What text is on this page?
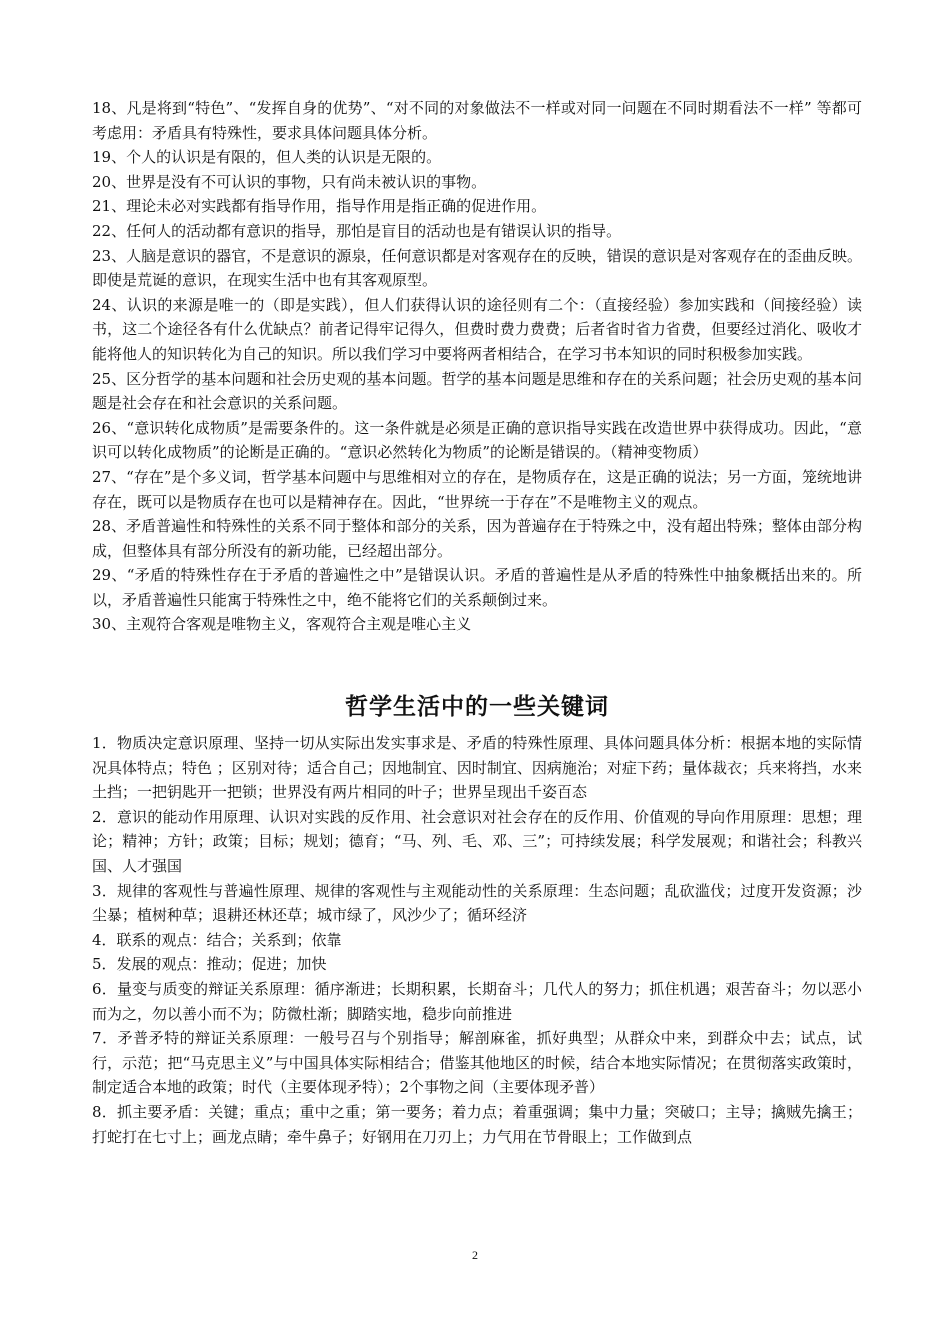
18、凡是将到“特色”、“发挥自身的优势”、“对不同的对象做法不一样或对同一问题在不同时期看法不一样” 等都可考虑用：矛盾具有特殊性，要求具体问题具体分析。

19、个人的认识是有限的，但人类的认识是无限的。

20、世界是没有不可认识的事物，只有尚未被认识的事物。

21、理论未必对实践都有指导作用，指导作用是指正确的促进作用。

22、任何人的活动都有意识的指导，那怕是盲目的活动也是有错误认识的指导。

23、人脑是意识的器官，不是意识的源泉，任何意识都是对客观存在的反映，错误的意识是对客观存在的歪曲反映。即使是荒诞的意识，在现实生活中也有其客观原型。

24、认识的来源是唯一的（即是实践），但人们获得认识的途径则有二个：（直接经验）参加实践和（间接经验）读书，这二个途径各有什么优缺点？前者记得牢记得久，但费时费力费费；后者省时省力省费，但要经过消化、吸收才能将他人的知识转化为自己的知识。所以我们学习中要将两者相结合，在学习书本知识的同时积极参加实践。

25、区分哲学的基本问题和社会历史观的基本问题。哲学的基本问题是思维和存在的关系问题；社会历史观的基本问题是社会存在和社会意识的关系问题。

26、“意识转化成物质”是需要条件的。这一条件就是必须是正确的意识指导实践在改造世界中获得成功。因此，“意识可以转化成物质”的论断是正确的。“意识必然转化为物质”的论断是错误的。（精神变物质）

27、“存在”是个多义词，哲学基本问题中与思维相对立的存在，是物质存在，这是正确的说法；另一方面，笼统地讲存在，既可以是物质存在也可以是精神存在。因此，“世界统一于存在”不是唯物主义的观点。

28、矛盾普遍性和特殊性的关系不同于整体和部分的关系，因为普遍存在于特殊之中，没有超出特殊；整体由部分构成，但整体具有部分所没有的新功能，已经超出部分。

29、“矛盾的特殊性存在于矛盾的普遍性之中”是错误认识。矛盾的普遍性是从矛盾的特殊性中抽象概括出来的。所以，矛盾普遍性只能寓于特殊性之中，绝不能将它们的关系颠倒过来。

30、主观符合客观是唯物主义，客观符合主观是唯心主义

哲学生活中的一些关键词

1．物质决定意识原理、坚持一切从实际出发实事求是、矛盾的特殊性原理、具体问题具体分析：根据本地的实际情况具体特点；特色 ；区别对待；适合自己；因地制宜、因时制宜、因病施治；对症下药；量体裁衣；兵来将挡，水来土挡；一把钥匙开一把锁；世界没有两片相同的叶子；世界呈现出千姿百态

2．意识的能动作用原理、认识对实践的反作用、社会意识对社会存在的反作用、价值观的导向作用原理：思想；理论；精神；方针；政策；目标；规划；德育；“马、列、毛、邓、三”；可持续发展；科学发展观；和谐社会；科教兴国、人才强国

3．规律的客观性与普遍性原理、规律的客观性与主观能动性的关系原理：生态问题；乱砍滥伐；过度开发资源；沙尘暴；植树种草；退耕还林还草；城市绿了，风沙少了；循环经济

4．联系的观点：结合；关系到；依靠

5．发展的观点：推动；促进；加快

6．量变与质变的辩证关系原理：循序渐进；长期积累，长期奋斗；几代人的努力；抓住机遇；艰苦奋斗；勿以恶小而为之，勿以善小而不为；防微杜渐；脚踏实地，稳步向前推进

7．矛普矛特的辩证关系原理：一般号召与个别指导；解剖麻雀，抓好典型；从群众中来，到群众中去；试点，试行，示范；把“马克思主义”与中国具体实际相结合；借鉴其他地区的时候，结合本地实际情况；在贯彻落实政策时，制定适合本地的政策；时代（主要体现矛特）；2个事物之间（主要体现矛普）

8．抓主要矛盾：关键；重点；重中之重；第一要务；着力点；着重强调；集中力量；突破口；主导；擒贼先擒王；打蛇打在七寸上；画龙点睛；牵牛鼻子；好钢用在刀刃上；力气用在节骨眼上；工作做到点

2
